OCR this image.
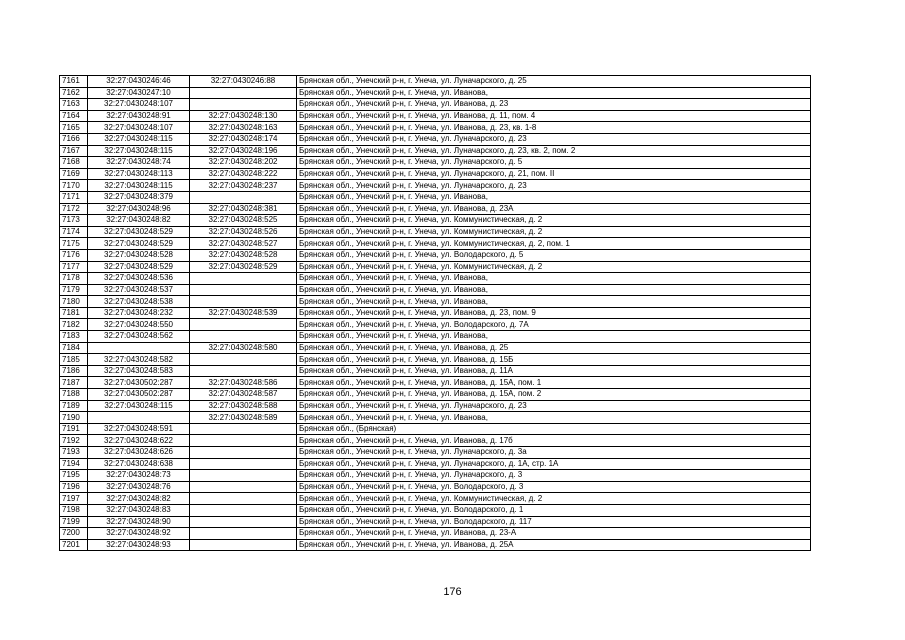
7161	32:27:0430246:46	32:27:0430246:88	Брянская обл., Унечский р-н, г. Унеча, ул. Луначарского, д. 25
7162	32:27:0430247:10		Брянская обл., Унечский р-н, г. Унеча, ул. Иванова,
7163	32:27:0430248:107		Брянская обл., Унечский р-н, г. Унеча, ул. Иванова, д. 23
7164	32:27:0430248:91	32:27:0430248:130	Брянская обл., Унечский р-н, г. Унеча, ул. Иванова, д. 11, пом. 4
7165	32:27:0430248:107	32:27:0430248:163	Брянская обл., Унечский р-н, г. Унеча, ул. Иванова, д. 23, кв. 1-8
7166	32:27:0430248:115	32:27:0430248:174	Брянская обл., Унечский р-н, г. Унеча, ул. Луначарского, д. 23
7167	32:27:0430248:115	32:27:0430248:196	Брянская обл., Унечский р-н, г. Унеча, ул. Луначарского, д. 23, кв. 2, пом. 2
7168	32:27:0430248:74	32:27:0430248:202	Брянская обл., Унечский р-н, г. Унеча, ул. Луначарского, д. 5
7169	32:27:0430248:113	32:27:0430248:222	Брянская обл., Унечский р-н, г. Унеча, ул. Луначарского, д. 21, пом. II
7170	32:27:0430248:115	32:27:0430248:237	Брянская обл., Унечский р-н, г. Унеча, ул. Луначарского, д. 23
7171	32:27:0430248:379		Брянская обл., Унечский р-н, г. Унеча, ул. Иванова,
7172	32:27:0430248:96	32:27:0430248:381	Брянская обл., Унечский р-н, г. Унеча, ул. Иванова, д. 23А
7173	32:27:0430248:82	32:27:0430248:525	Брянская обл., Унечский р-н, г. Унеча, ул. Коммунистическая, д. 2
7174	32:27:0430248:529	32:27:0430248:526	Брянская обл., Унечский р-н, г. Унеча, ул. Коммунистическая, д. 2
7175	32:27:0430248:529	32:27:0430248:527	Брянская обл., Унечский р-н, г. Унеча, ул. Коммунистическая, д. 2, пом. 1
7176	32:27:0430248:528	32:27:0430248:528	Брянская обл., Унечский р-н, г. Унеча, ул. Володарского, д. 5
7177	32:27:0430248:529	32:27:0430248:529	Брянская обл., Унечский р-н, г. Унеча, ул. Коммунистическая, д. 2
7178	32:27:0430248:536		Брянская обл., Унечский р-н, г. Унеча, ул. Иванова,
7179	32:27:0430248:537		Брянская обл., Унечский р-н, г. Унеча, ул. Иванова,
7180	32:27:0430248:538		Брянская обл., Унечский р-н, г. Унеча, ул. Иванова,
7181	32:27:0430248:232	32:27:0430248:539	Брянская обл., Унечский р-н, г. Унеча, ул. Иванова, д. 23, пом. 9
7182	32:27:0430248:550		Брянская обл., Унечский р-н, г. Унеча, ул. Володарского, д. 7А
7183	32:27:0430248:562		Брянская обл., Унечский р-н, г. Унеча, ул. Иванова,
7184		32:27:0430248:580	Брянская обл., Унечский р-н, г. Унеча, ул. Иванова, д. 25
7185	32:27:0430248:582		Брянская обл., Унечский р-н, г. Унеча, ул. Иванова, д. 15Б
7186	32:27:0430248:583		Брянская обл., Унечский р-н, г. Унеча, ул. Иванова, д. 11А
7187	32:27:0430502:287	32:27:0430248:586	Брянская обл., Унечский р-н, г. Унеча, ул. Иванова, д. 15А, пом. 1
7188	32:27:0430502:287	32:27:0430248:587	Брянская обл., Унечский р-н, г. Унеча, ул. Иванова, д. 15А, пом. 2
7189	32:27:0430248:115	32:27:0430248:588	Брянская обл., Унечский р-н, г. Унеча, ул. Луначарского, д. 23
7190		32:27:0430248:589	Брянская обл., Унечский р-н, г. Унеча, ул. Иванова,
7191	32:27:0430248:591		Брянская обл., (Брянская)
7192	32:27:0430248:622		Брянская обл., Унечский р-н, г. Унеча, ул. Иванова, д. 17б
7193	32:27:0430248:626		Брянская обл., Унечский р-н, г. Унеча, ул. Луначарского, д. 3а
7194	32:27:0430248:638		Брянская обл., Унечский р-н, г. Унеча, ул. Луначарского, д. 1А, стр. 1А
7195	32:27:0430248:73		Брянская обл., Унечский р-н, г. Унеча, ул. Луначарского, д. 3
7196	32:27:0430248:76		Брянская обл., Унечский р-н, г. Унеча, ул. Володарского, д. 3
7197	32:27:0430248:82		Брянская обл., Унечский р-н, г. Унеча, ул. Коммунистическая, д. 2
7198	32:27:0430248:83		Брянская обл., Унечский р-н, г. Унеча, ул. Володарского, д. 1
7199	32:27:0430248:90		Брянская обл., Унечский р-н, г. Унеча, ул. Володарского, д. 117
7200	32:27:0430248:92		Брянская обл., Унечский р-н, г. Унеча, ул. Иванова, д. 23-А
7201	32:27:0430248:93		Брянская обл., Унечский р-н, г. Унеча, ул. Иванова, д. 25А
176
